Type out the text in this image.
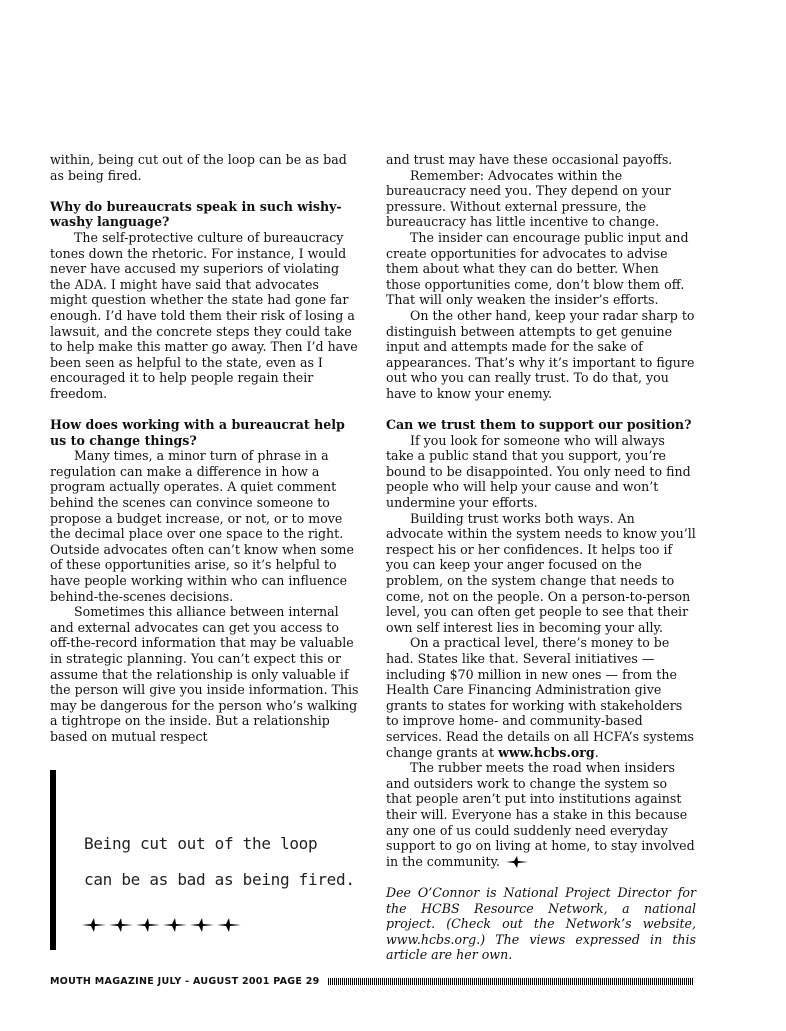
within, being cut out of the loop can be as bad as being fired.

Why do bureaucrats speak in such wishy-washy language?

The self-protective culture of bureaucracy tones down the rhetoric. For instance, I would never have accused my superiors of violating the ADA. I might have said that advocates might question whether the state had gone far enough. I’d have told them their risk of losing a lawsuit, and the concrete steps they could take to help make this matter go away. Then I’d have been seen as helpful to the state, even as I encouraged it to help people regain their freedom.

How does working with a bureaucrat help us to change things?

Many times, a minor turn of phrase in a regulation can make a difference in how a program actually operates. A quiet comment behind the scenes can convince someone to propose a budget increase, or not, or to move the decimal place over one space to the right. Outside advocates often can’t know when some of these opportunities arise, so it’s helpful to have people working within who can influence behind-the-scenes decisions.

Sometimes this alliance between internal and external advocates can get you access to off-the-record information that may be valuable in strategic planning. You can’t expect this or assume that the relationship is only valuable if the person will give you inside information. This may be dangerous for the person who’s walking a tightrope on the inside. But a relationship based on mutual respect

and trust may have these occasional payoffs.

Remember: Advocates within the bureaucracy need you. They depend on your pressure. Without external pressure, the bureaucracy has little incentive to change.

The insider can encourage public input and create opportunities for advocates to advise them about what they can do better. When those opportunities come, don’t blow them off. That will only weaken the insider’s efforts.

On the other hand, keep your radar sharp to distinguish between attempts to get genuine input and attempts made for the sake of appearances. That’s why it’s important to figure out who you can really trust. To do that, you have to know your enemy.

Can we trust them to support our position?

If you look for someone who will always take a public stand that you support, you’re bound to be disappointed. You only need to find people who will help your cause and won’t undermine your efforts.

Building trust works both ways. An advocate within the system needs to know you’ll respect his or her confidences. It helps too if you can keep your anger focused on the problem, on the system change that needs to come, not on the people. On a person-to-person level, you can often get people to see that their own self interest lies in becoming your ally.

On a practical level, there’s money to be had. States like that. Several initiatives — including $70 million in new ones — from the Health Care Financing Administration give grants to states for working with stakeholders to improve home- and community-based services. Read the details on all HCFA’s systems change grants at www.hcbs.org.

The rubber meets the road when insiders and outsiders work to change the system so that people aren’t put into institutions against their will. Everyone has a stake in this because any one of us could suddenly need everyday support to go on living at home, to stay involved in the community.

Dee O’Connor is National Project Director for the HCBS Resource Network, a national project. (Check out the Network’s website, www.hcbs.org.) The views expressed in this article are her own.

Being cut out of the loop
can be as bad as being fired.
MOUTH MAGAZINE JULY - AUGUST 2001 PAGE 29
